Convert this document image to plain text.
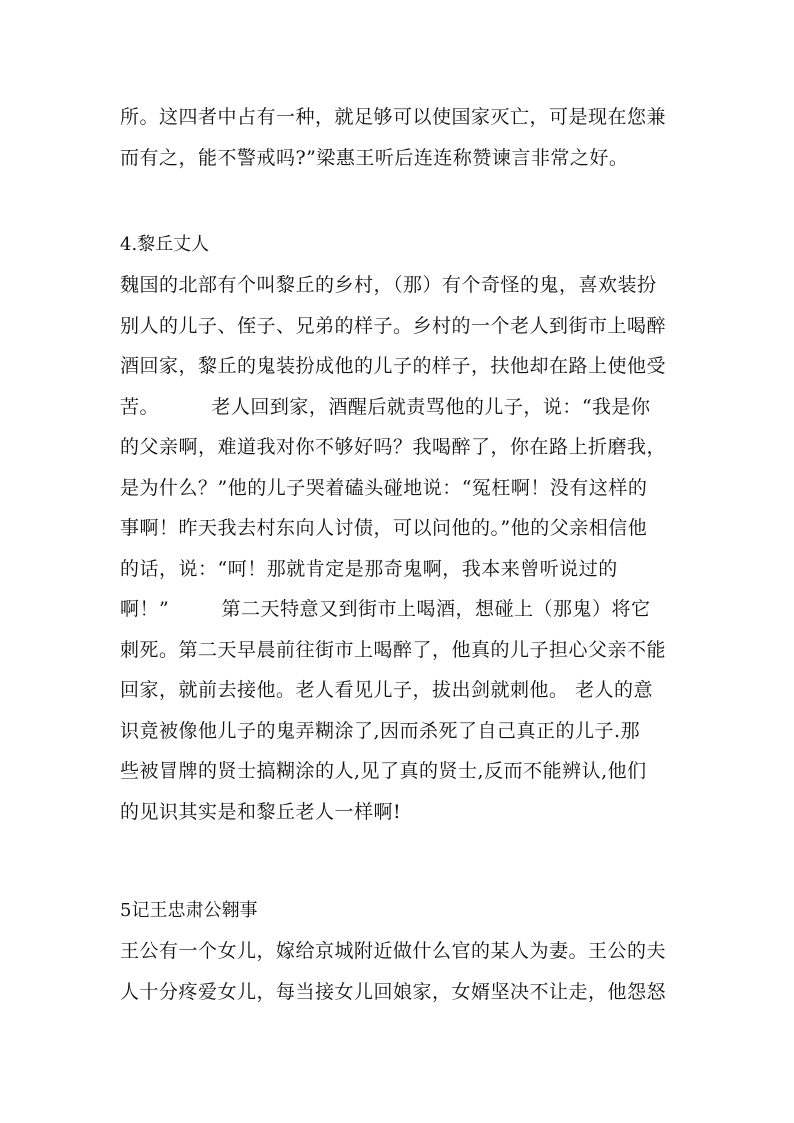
所。这四者中占有一种，就足够可以使国家灭亡，可是现在您兼
而有之，能不警戒吗?”梁惠王听后连连称赞谏言非常之好。
4.黎丘丈人
魏国的北部有个叫黎丘的乡村，（那）有个奇怪的鬼，喜欢装扮
别人的儿子、侄子、兄弟的样子。乡村的一个老人到街市上喝醉
酒回家，黎丘的鬼装扮成他的儿子的样子，扶他却在路上使他受
苦。        老人回到家，酒醒后就责骂他的儿子，说：“我是你
的父亲啊，难道我对你不够好吗？我喝醉了，你在路上折磨我，
是为什么？”他的儿子哭着磕头碰地说：“冤枉啊！没有这样的
事啊！昨天我去村东向人讨债，可以问他的。”他的父亲相信他
的话，说：“呵！那就肯定是那奇鬼啊，我本来曾听说过的
啊！”        第二天特意又到街市上喝酒，想碰上（那鬼）将它
刺死。第二天早晨前往街市上喝醉了，他真的儿子担心父亲不能
回家，就前去接他。老人看见儿子，拔出剑就刺他。 老人的意
识竟被像他儿子的鬼弄糊涂了,因而杀死了自己真正的儿子.那
些被冒牌的贤士搞糊涂的人,见了真的贤士,反而不能辨认,他们
的见识其实是和黎丘老人一样啊!
5记王忠肃公翱事
王公有一个女儿，嫁给京城附近做什么官的某人为妻。王公的夫
人十分疼爱女儿，每当接女儿回娘家，女婿坚决不让走，他怨怒
